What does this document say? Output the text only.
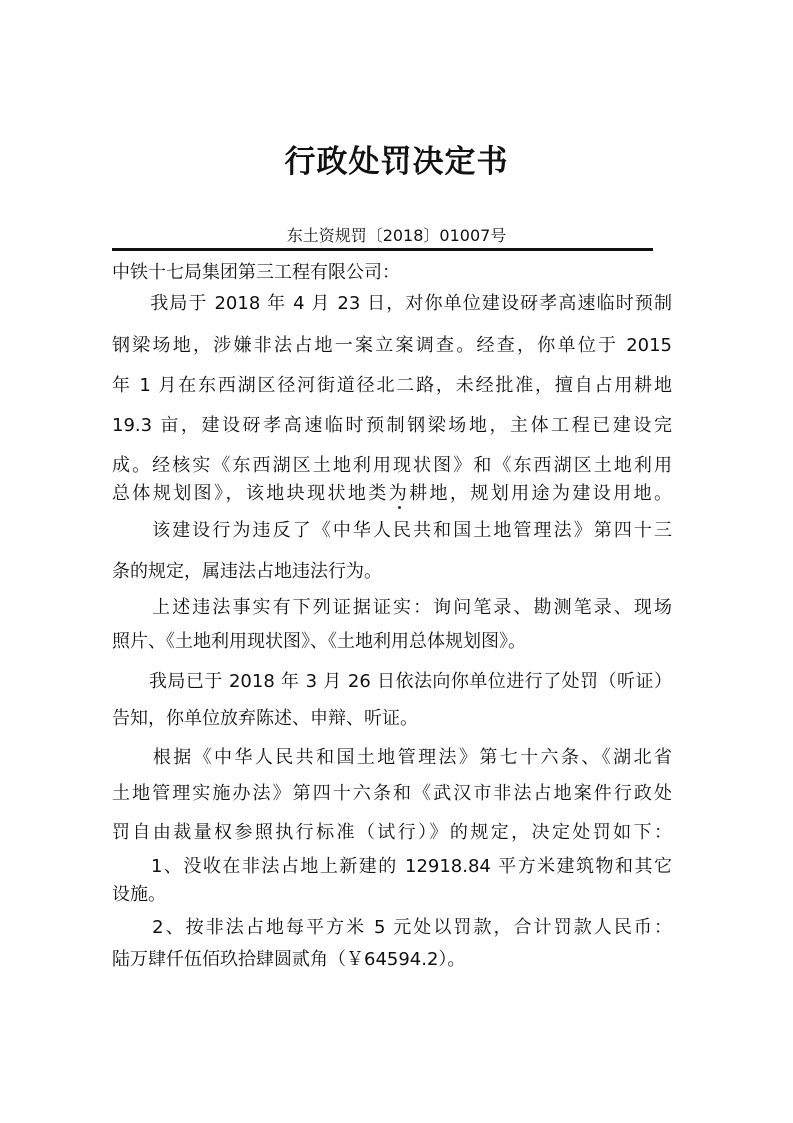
行政处罚决定书
东土资规罚〔2018〕01007号
中铁十七局集团第三工程有限公司：
　　我局于 2018 年 4 月 23 日，对你单位建设砑孝高速临时预制
钢梁场地，涉嫌非法占地一案立案调查。经查，你单位于 2015
年 1 月在东西湖区径河街道径北二路，未经批准，擅自占用耕地
19.3 亩，建设砑孝高速临时预制钢梁场地，主体工程已建设完
成。经核实《东西湖区土地利用现状图》和《东西湖区土地利用
总体规划图》，该地块现状地类为耕地，规划用途为建设用地。
　　该建设行为违反了《中华人民共和国土地管理法》第四十三
条的规定，属违法占地违法行为。
　　上述违法事实有下列证据证实：询问笔录、勘测笔录、现场
照片、《土地利用现状图》、《土地利用总体规划图》。
　　我局已于 2018 年 3 月 26 日依法向你单位进行了处罚（听证）
告知，你单位放弃陈述、申辩、听证。
　　根据《中华人民共和国土地管理法》第七十六条、《湖北省
土地管理实施办法》第四十六条和《武汉市非法占地案件行政处
罚自由裁量权参照执行标准（试行）》的规定，决定处罚如下：
　　1、没收在非法占地上新建的 12918.84 平方米建筑物和其它
设施。
　　2、按非法占地每平方米 5 元处以罚款，合计罚款人民币：
陆万肆仟伍佰玖拾肆圆贰角（￥64594.2）。
